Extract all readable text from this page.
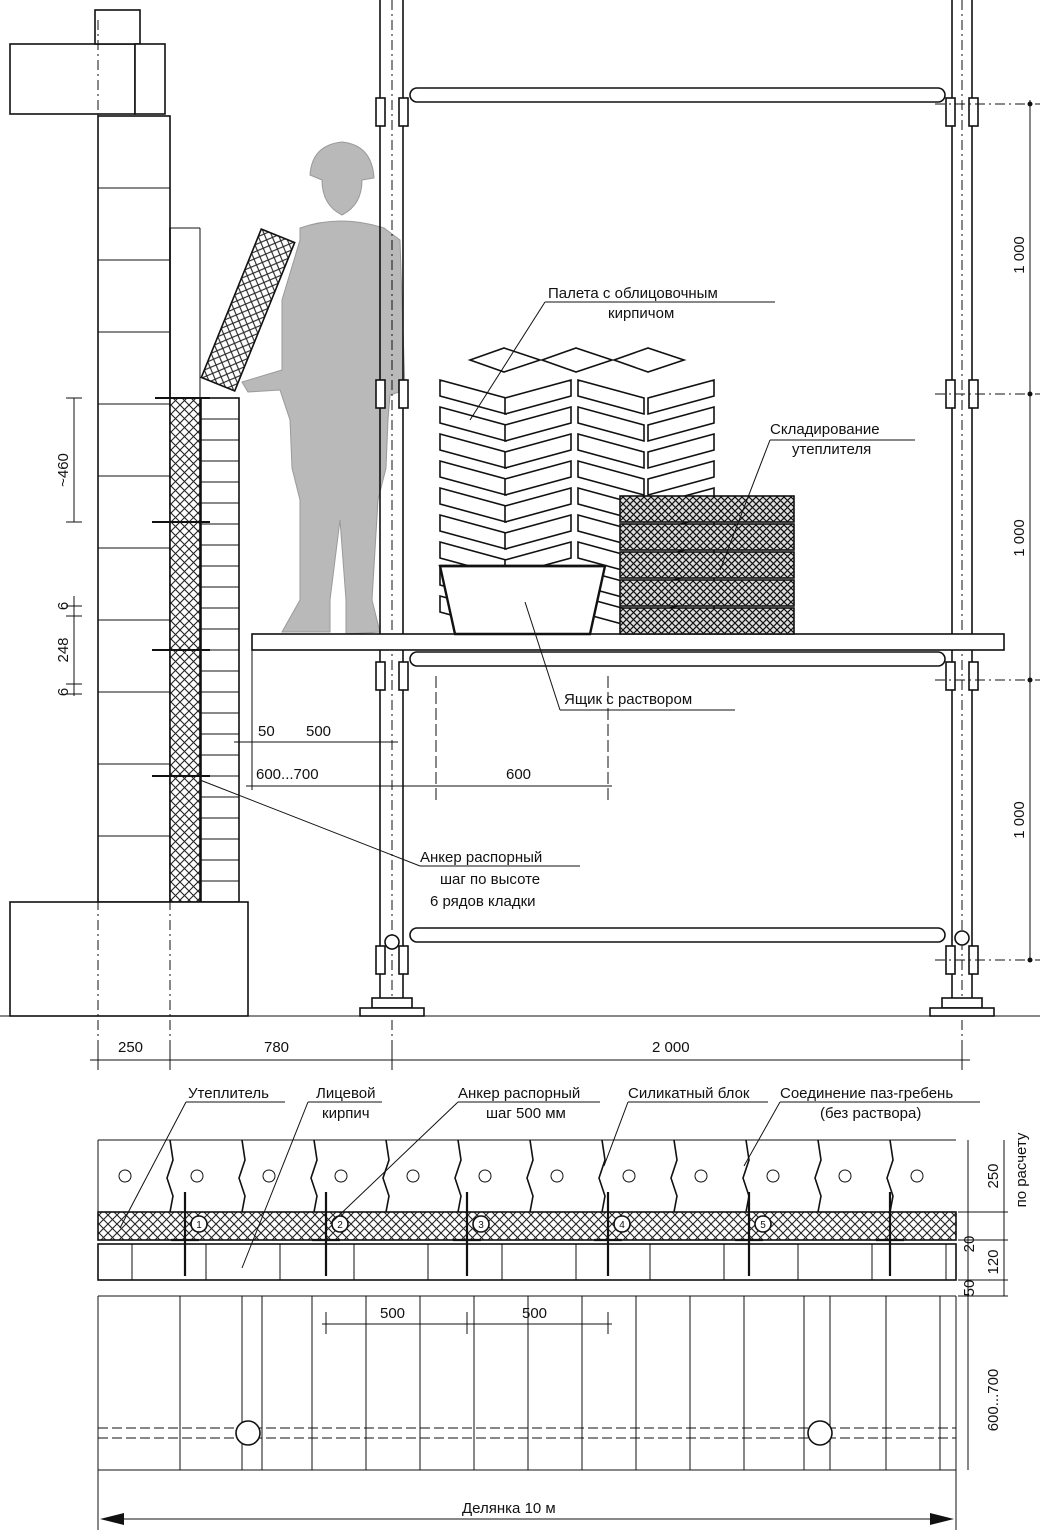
1 000
1 000
1 000
~460
6
248
6
50 500
600...700	600
250	780	2 000
Палета с облицовочным
кирпичом
Складирование
утеплителя
Ящик с раствором
Анкер распорный
шаг по высоте
6 рядов кладки
1	2	3	4	5
250 по расчету
20
120
50
600...700
500	500
Делянка 10 м
Утеплитель	Лицевой
кирпич
Анкер распорный
шаг 500 мм
Силикатный блок Соединение паз-гребень
(без раствора)
